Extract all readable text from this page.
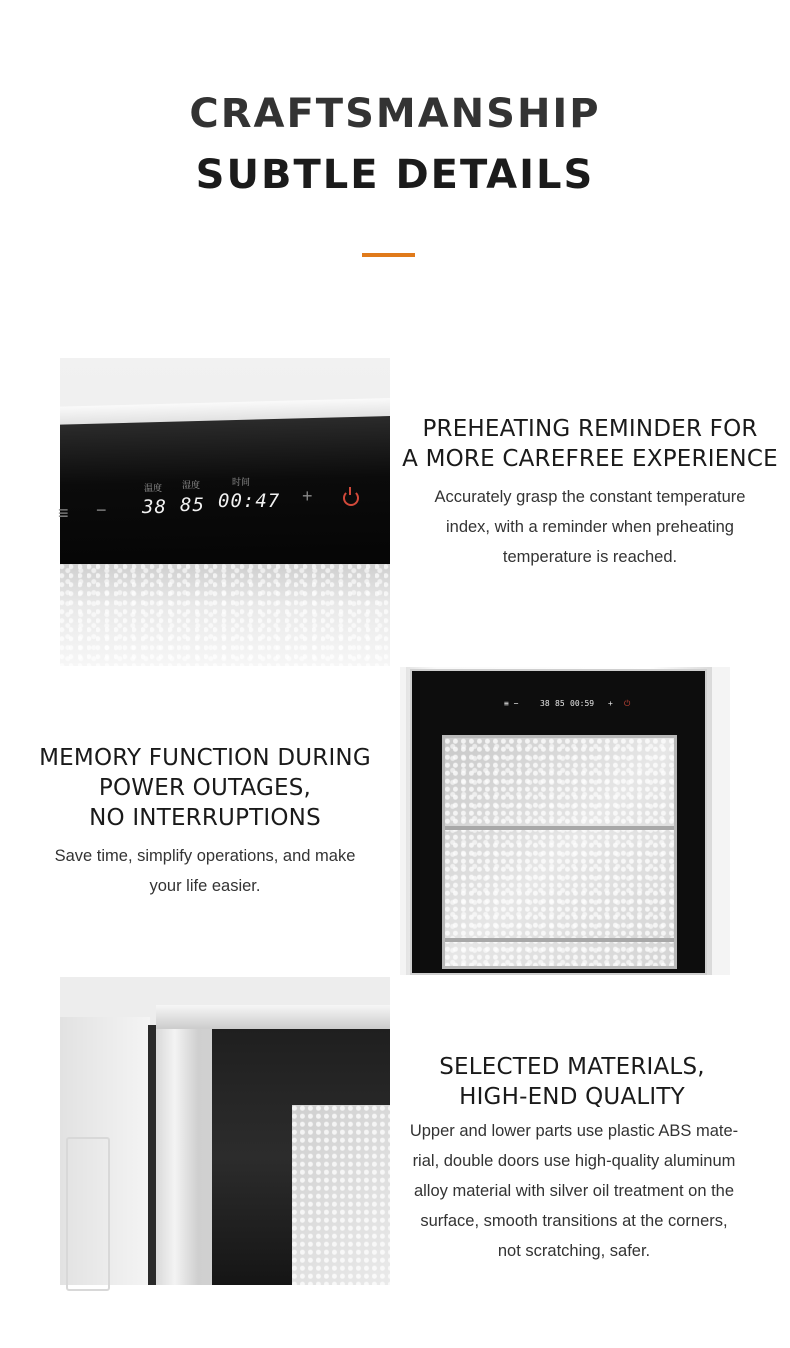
CRAFTSMANSHIP
SUBTLE DETAILS
≡ −
温度
38
湿度
85
时间
00:47 +
PREHEATING REMINDER FOR
A MORE CAREFREE EXPERIENCE
Accurately grasp the constant temperature
index, with a reminder when preheating
temperature is reached.
MEMORY FUNCTION DURING
POWER OUTAGES,
NO INTERRUPTIONS
Save time, simplify operations, and make
your life easier.
≡ −	38 85 00:59 + ⏻
SELECTED MATERIALS,
HIGH-END QUALITY
Upper and lower parts use plastic ABS mate-
rial, double doors use high-quality aluminum
alloy material with silver oil treatment on the
surface, smooth transitions at the corners,
not scratching, safer.
